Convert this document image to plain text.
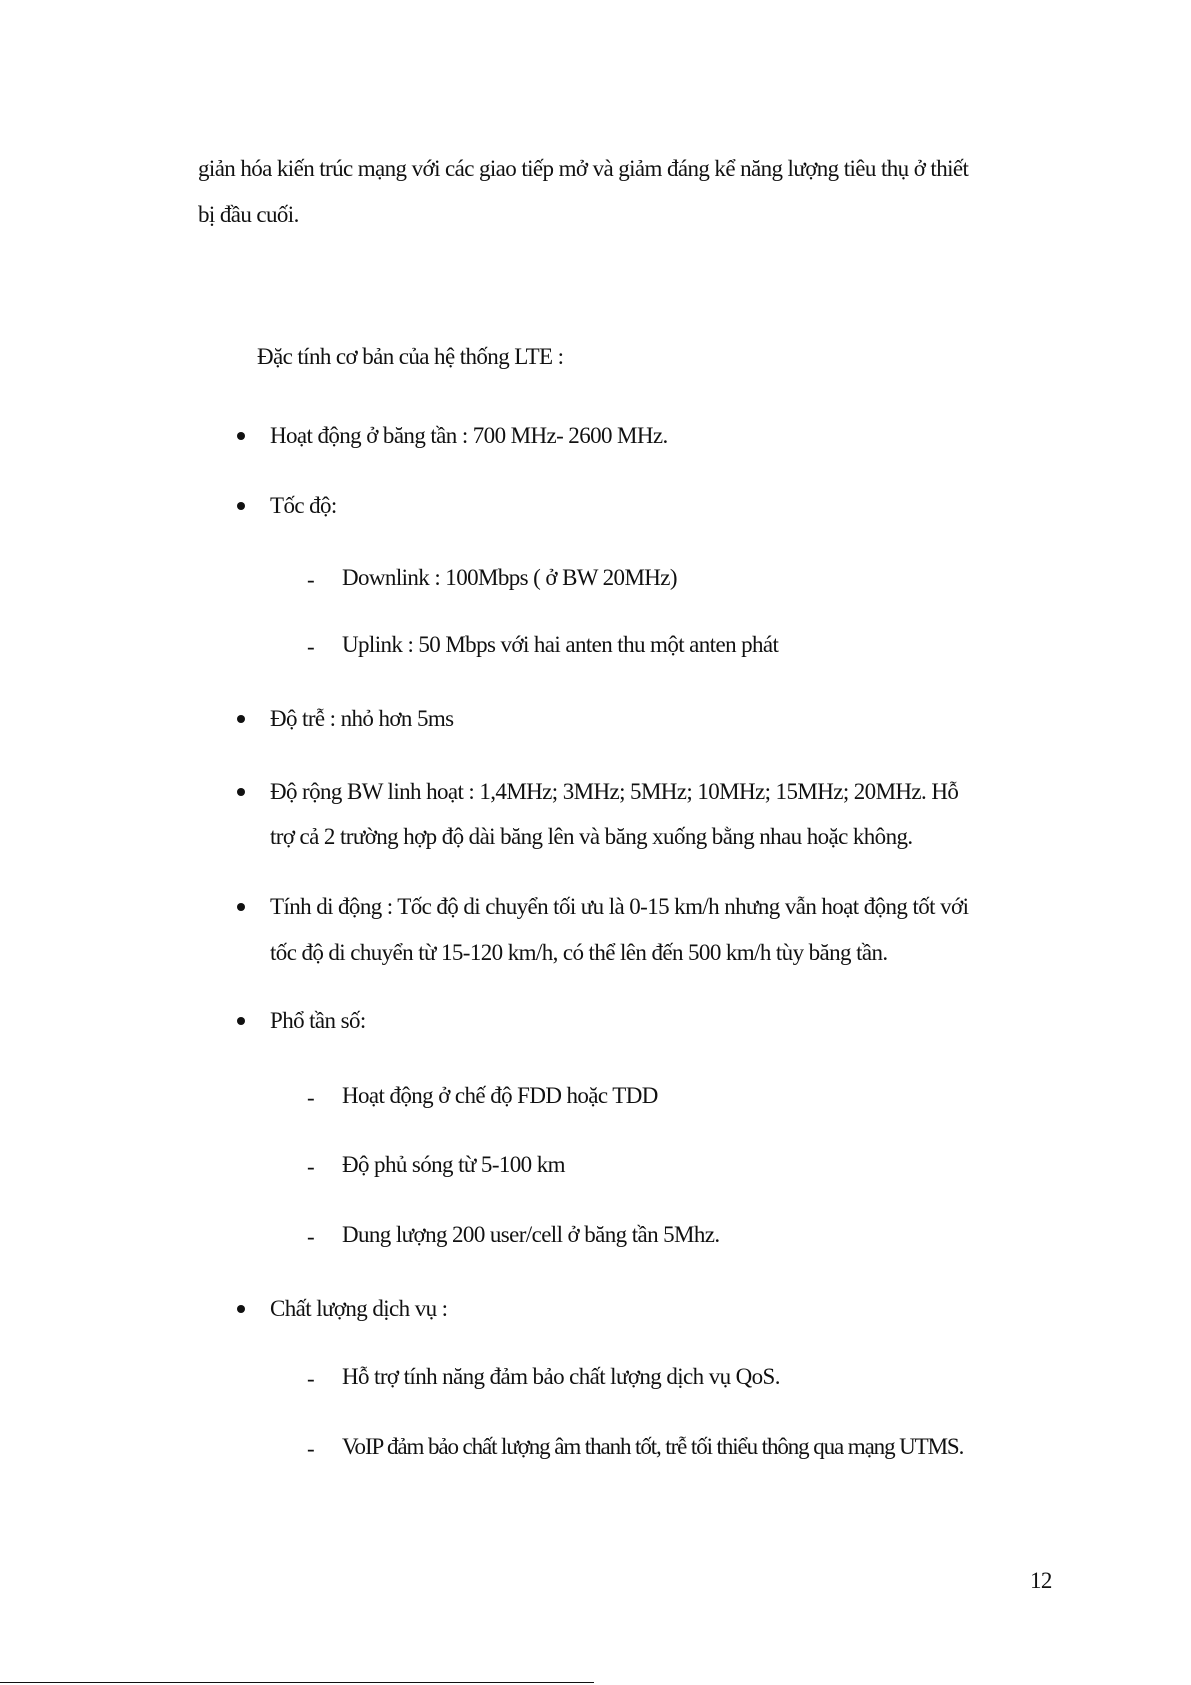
giản hóa kiến trúc mạng với các giao tiếp mở và giảm đáng kể năng lượng tiêu thụ ở thiết
bị đầu cuối.
Đặc tính cơ bản của hệ thống LTE :
Hoạt động ở băng tần : 700 MHz- 2600 MHz.
Tốc độ:
- Downlink : 100Mbps ( ở BW 20MHz)
- Uplink : 50 Mbps với hai anten thu một anten phát
Độ trễ : nhỏ hơn 5ms
Độ rộng BW linh hoạt : 1,4MHz; 3MHz; 5MHz; 10MHz; 15MHz; 20MHz. Hỗ
trợ cả 2 trường hợp độ dài băng lên và băng xuống bằng nhau hoặc không.
Tính di động : Tốc độ di chuyển tối ưu là 0-15 km/h nhưng vẫn hoạt động tốt với
tốc độ di chuyển từ 15-120 km/h, có thể lên đến 500 km/h tùy băng tần.
Phổ tần số:
- Hoạt động ở chế độ FDD hoặc TDD
- Độ phủ sóng từ 5-100 km
- Dung lượng 200 user/cell ở băng tần 5Mhz.
Chất lượng dịch vụ :
- Hỗ trợ tính năng đảm bảo chất lượng dịch vụ QoS.
- VoIP đảm bảo chất lượng âm thanh tốt, trễ tối thiểu thông qua mạng UTMS.
12
